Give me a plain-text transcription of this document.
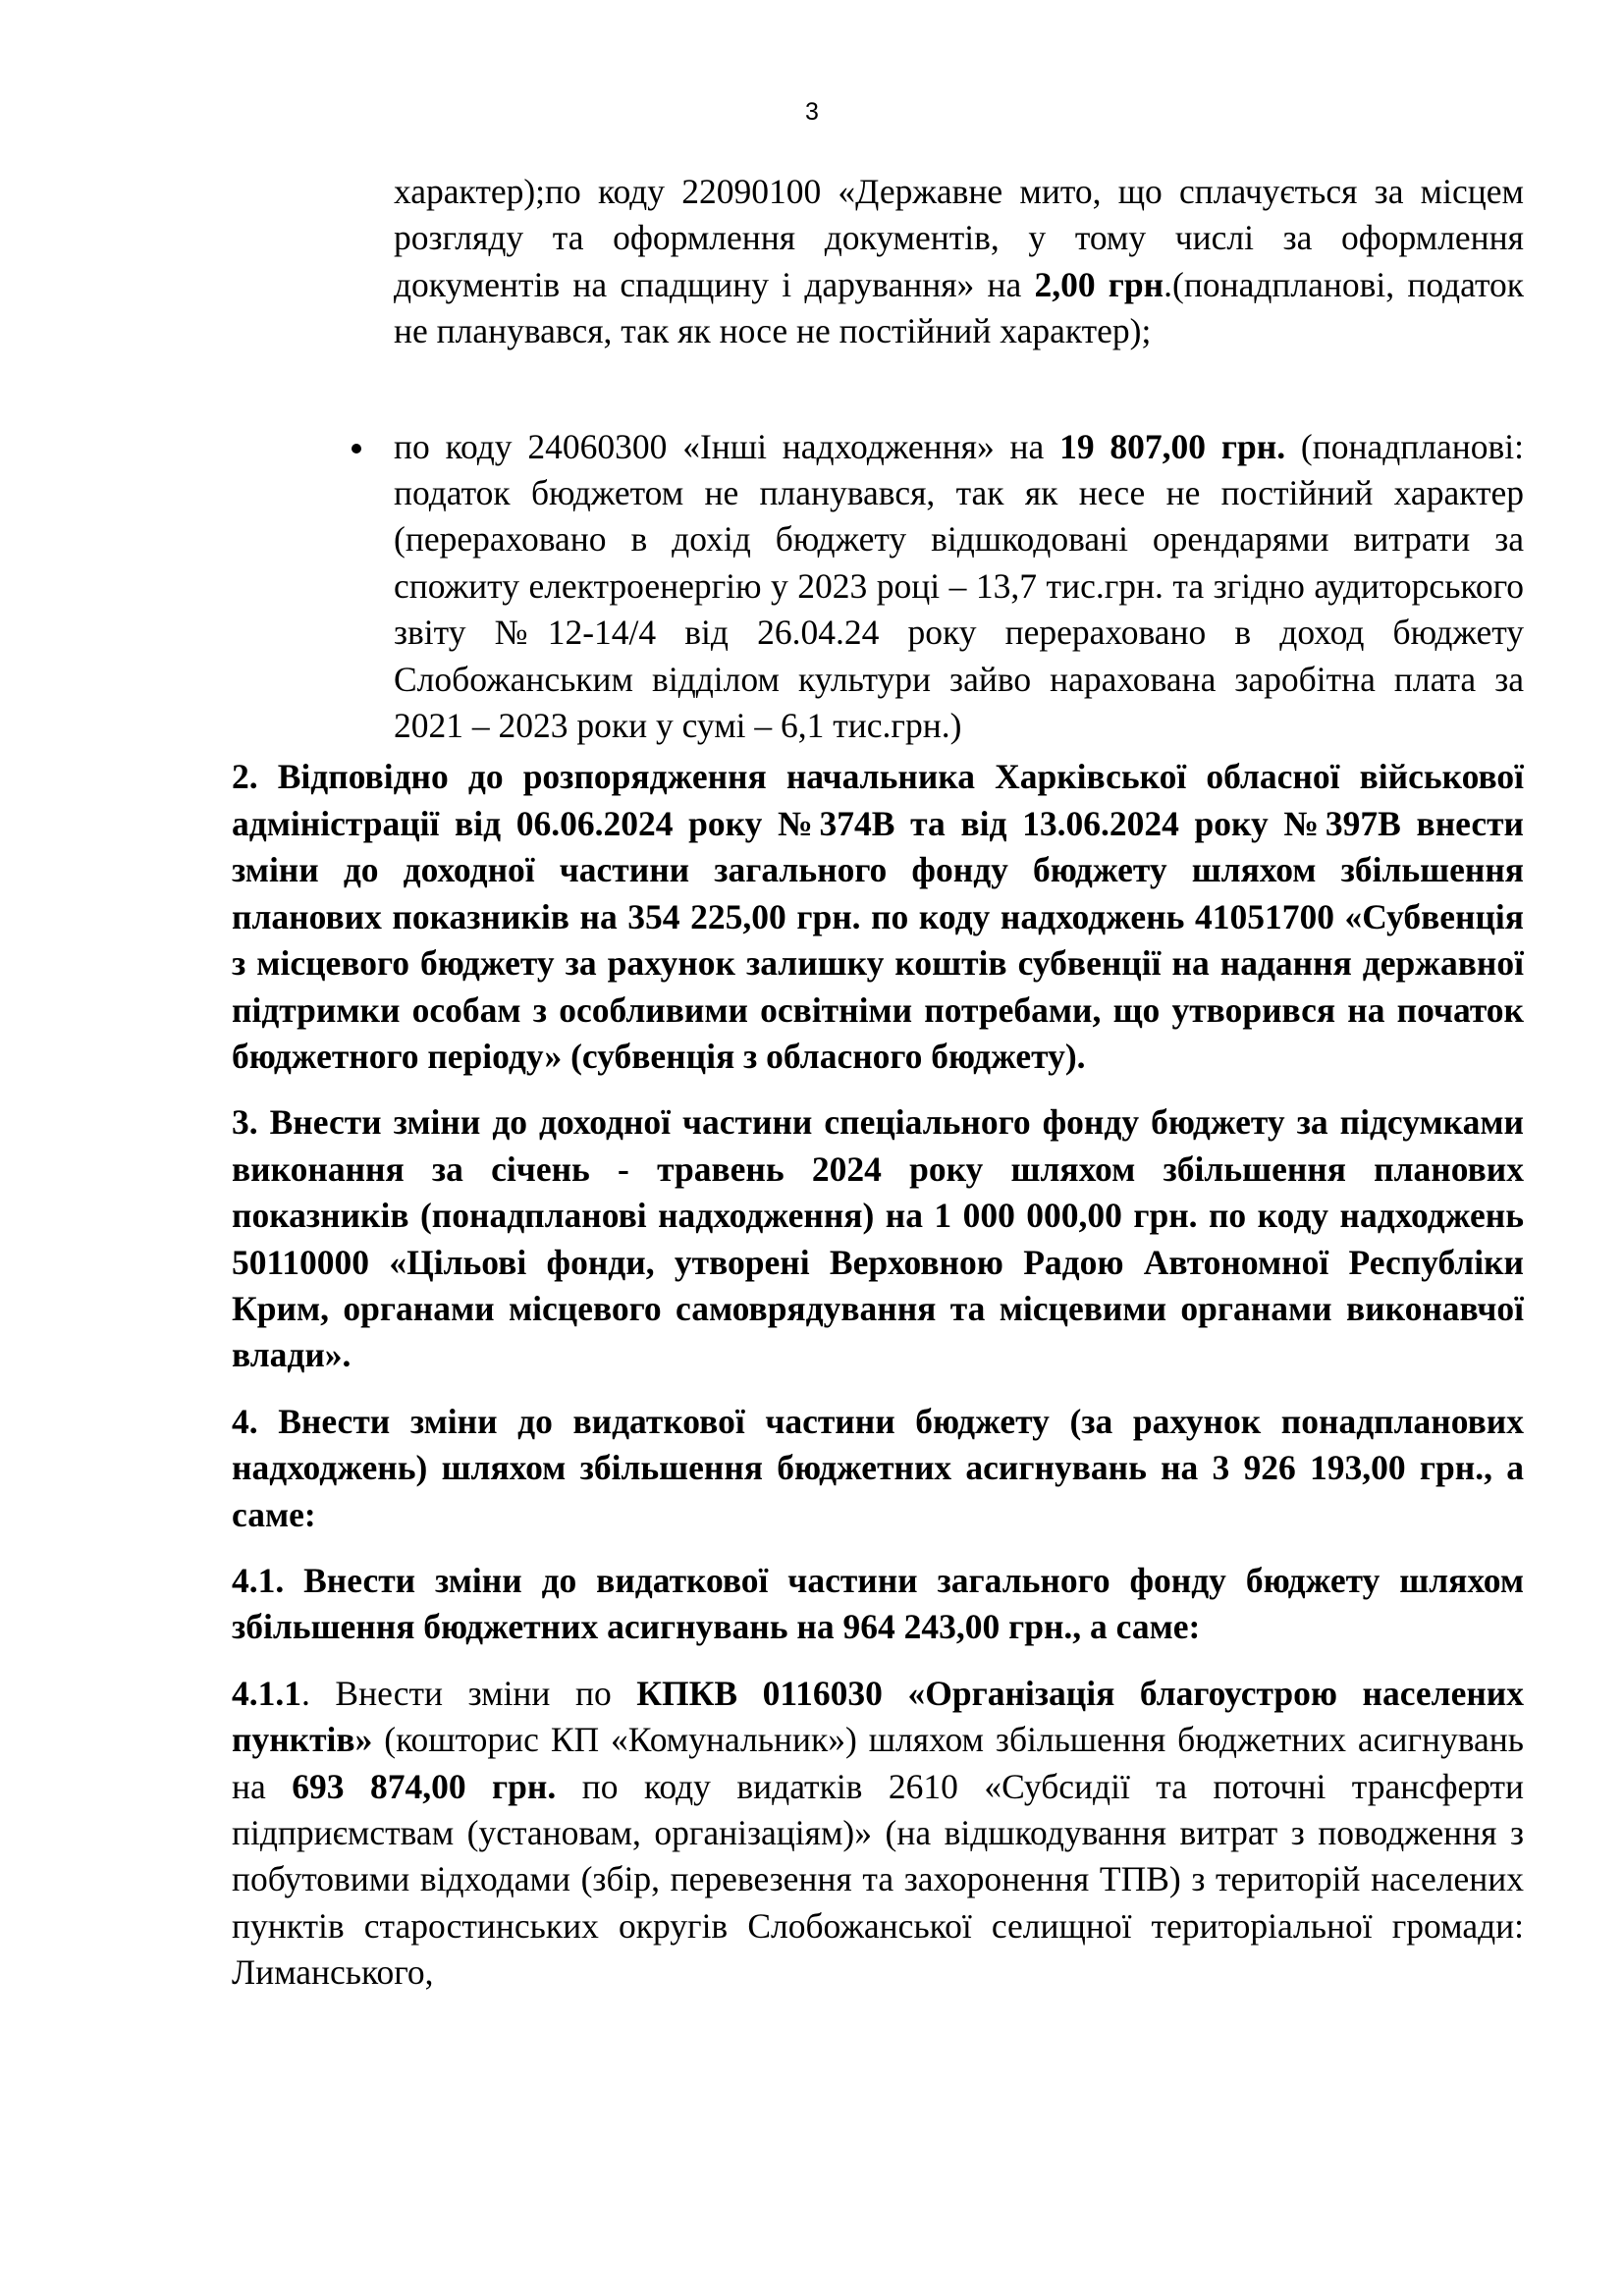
3

характер);по коду 22090100 «Державне мито, що сплачується за місцем розгляду та оформлення документів, у тому числі за оформлення документів на спадщину і дарування» на 2,00 грн.(понадпланові, податок не планувався, так як носе не постійний характер);

по коду 24060300 «Інші надходження» на 19 807,00 грн. (понадпланові: податок бюджетом не планувався, так як несе не постійний характер (перераховано в дохід бюджету відшкодовані орендарями витрати за спожиту електроенергію у 2023 році – 13,7 тис.грн. та згідно аудиторського звіту №12-14/4 від 26.04.24 року перераховано в доход бюджету Слобожанським відділом культури зайво нарахована заробітна плата за 2021 – 2023 роки у сумі – 6,1 тис.грн.)

2. Відповідно до розпорядження начальника Харківської обласної військової адміністрації від 06.06.2024 року №374В та від 13.06.2024 року №397В внести зміни до доходної частини загального фонду бюджету шляхом збільшення планових показників на 354 225,00 грн. по коду надходжень 41051700 «Субвенція з місцевого бюджету за рахунок залишку коштів субвенції на надання державної підтримки особам з особливими освітніми потребами, що утворився на початок бюджетного періоду» (субвенція з обласного бюджету).

3. Внести зміни до доходної частини спеціального фонду бюджету за підсумками виконання за січень - травень 2024 року шляхом збільшення планових показників (понадпланові надходження) на 1 000 000,00 грн. по коду надходжень 50110000 «Цільові фонди, утворені Верховною Радою Автономної Республіки Крим, органами місцевого самоврядування та місцевими органами виконавчої влади».

4. Внести зміни до видаткової частини бюджету (за рахунок понадпланових надходжень) шляхом збільшення бюджетних асигнувань на 3 926 193,00 грн., а саме:

4.1. Внести зміни до видаткової частини загального фонду бюджету шляхом збільшення бюджетних асигнувань на 964 243,00 грн., а саме:

4.1.1. Внести зміни по КПКВ 0116030 «Організація благоустрою населених пунктів» (кошторис КП «Комунальник») шляхом збільшення бюджетних асигнувань на 693 874,00 грн. по коду видатків 2610 «Субсидії та поточні трансферти підприємствам (установам, організаціям)» (на відшкодування витрат з поводження з побутовими відходами (збір, перевезення та захоронення ТПВ) з територій населених пунктів старостинських округів Слобожанської селищної територіальної громади: Лиманського,
